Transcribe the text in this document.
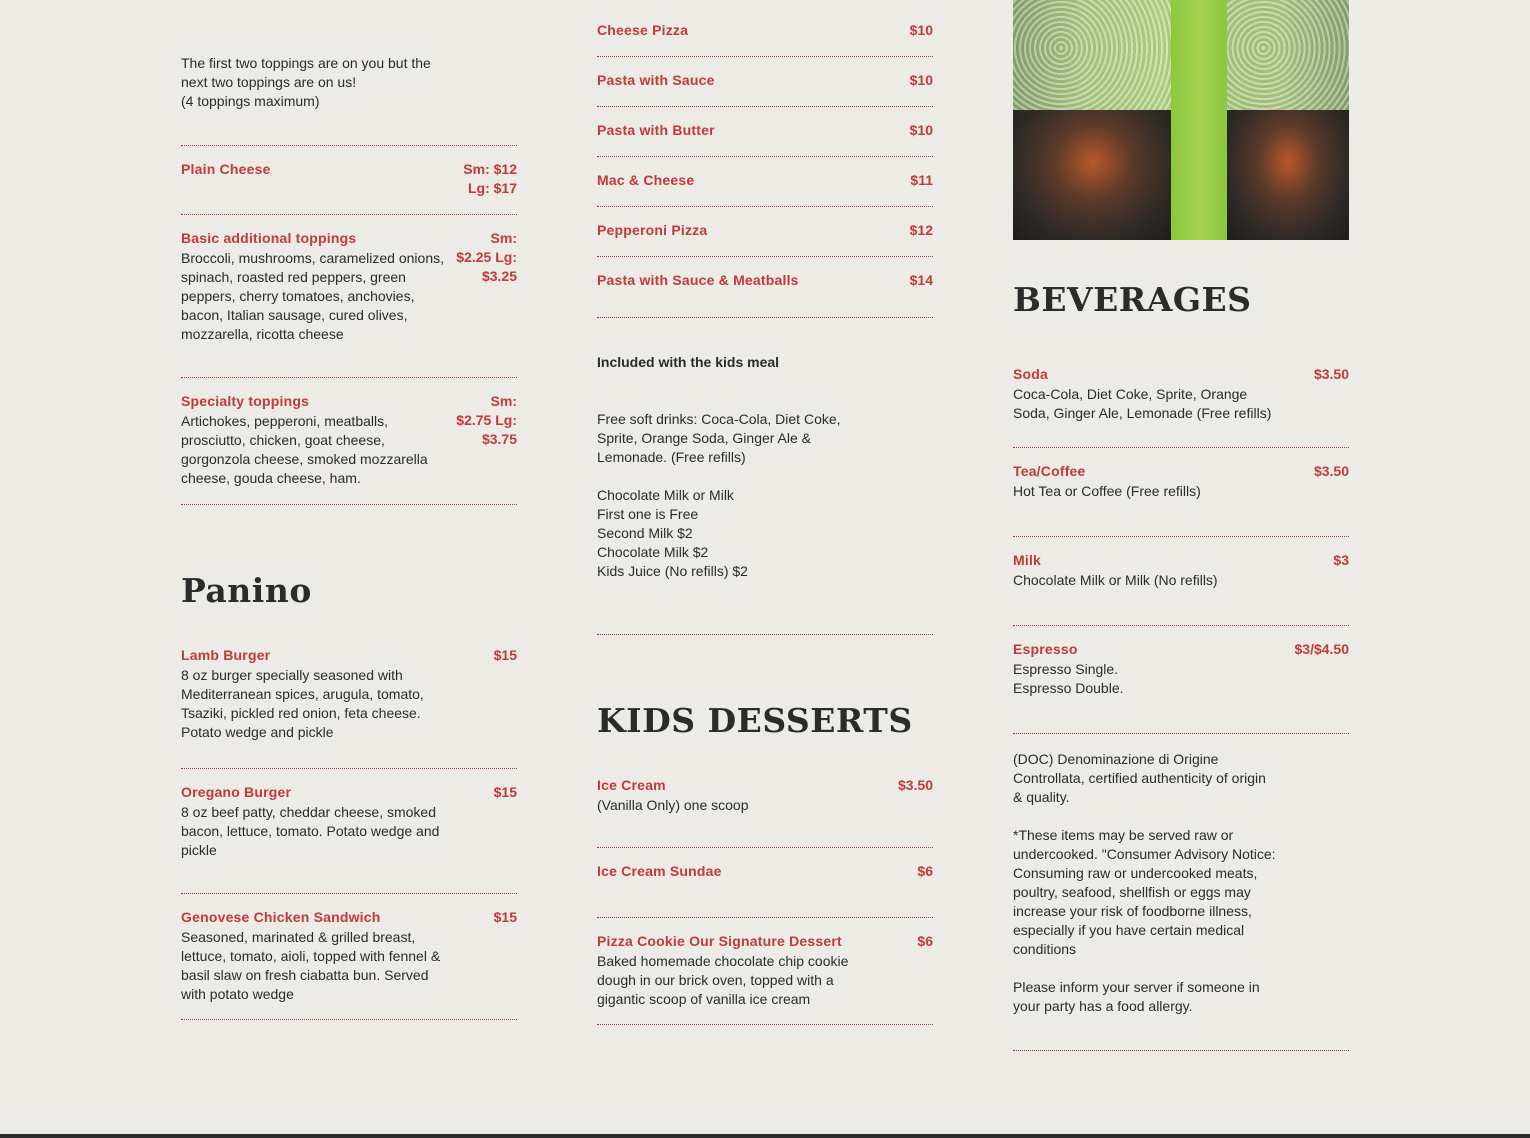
The first two toppings are on you but the
next two toppings are on us!
(4 toppings maximum)

Plain Cheese	Sm: $12
Lg: $17
Basic additional toppings	Sm:
$2.25 Lg:
$3.25
Broccoli, mushrooms, caramelized onions, spinach, roasted red peppers, green peppers, cherry tomatoes, anchovies, bacon, Italian sausage, cured olives, mozzarella, ricotta cheese
Specialty toppings	Sm:
$2.75 Lg:
$3.75
Artichokes, pepperoni, meatballs, prosciutto, chicken, goat cheese, gorgonzola cheese, smoked mozzarella cheese, gouda cheese, ham.
Panino
Lamb Burger	$15
8 oz burger specially seasoned with Mediterranean spices, arugula, tomato, Tsaziki, pickled red onion, feta cheese. Potato wedge and pickle
Oregano Burger	$15
8 oz beef patty, cheddar cheese, smoked bacon, lettuce, tomato. Potato wedge and pickle
Genovese Chicken Sandwich	$15
Seasoned, marinated & grilled breast, lettuce, tomato, aioli, topped with fennel & basil slaw on fresh ciabatta bun. Served with potato wedge
Cheese Pizza	$10
Pasta with Sauce	$10
Pasta with Butter	$10
Mac & Cheese	$11
Pepperoni Pizza	$12
Pasta with Sauce & Meatballs	$14

Included with the kids meal

Free soft drinks: Coca-Cola, Diet Coke,
Sprite, Orange Soda, Ginger Ale &
Lemonade. (Free refills)

Chocolate Milk or Milk
First one is Free
Second Milk $2
Chocolate Milk $2
Kids Juice (No refills) $2

KIDS DESSERTS
Ice Cream	$3.50
(Vanilla Only) one scoop
Ice Cream Sundae	$6
Pizza Cookie Our Signature Dessert	$6
Baked homemade chocolate chip cookie dough in our brick oven, topped with a gigantic scoop of vanilla ice cream
BEVERAGES
Soda	$3.50
Coca-Cola, Diet Coke, Sprite, Orange Soda, Ginger Ale, Lemonade (Free refills)
Tea/Coffee	$3.50
Hot Tea or Coffee (Free refills)
Milk	$3
Chocolate Milk or Milk (No refills)
Espresso	$3/$4.50
Espresso Single.
Espresso Double.
(DOC) Denominazione di Origine
Controllata, certified authenticity of origin
& quality.

*These items may be served raw or
undercooked. "Consumer Advisory Notice:
Consuming raw or undercooked meats,
poultry, seafood, shellfish or eggs may
increase your risk of foodborne illness,
especially if you have certain medical
conditions

Please inform your server if someone in
your party has a food allergy.
